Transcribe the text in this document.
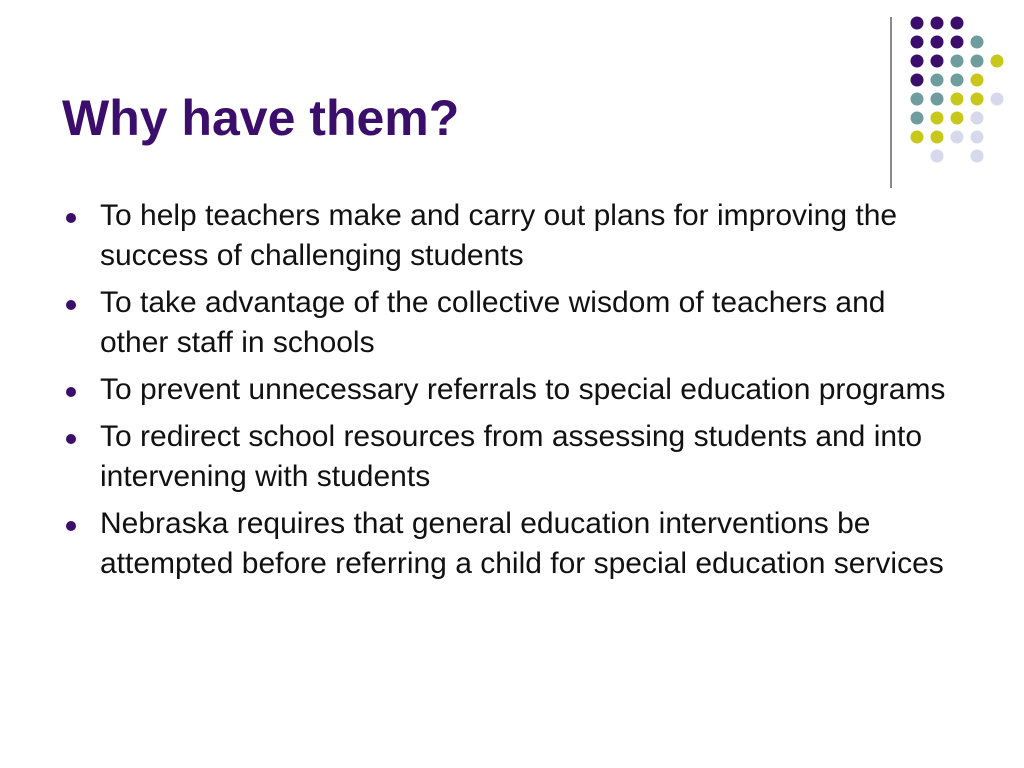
Why have them?
To help teachers make and carry out plans for improving the success of challenging students
To take advantage of the collective wisdom of teachers and other staff in schools
To prevent unnecessary referrals to special education programs
To redirect school resources from assessing students and into intervening with students
Nebraska requires that general education interventions be attempted before referring a child for special education services
